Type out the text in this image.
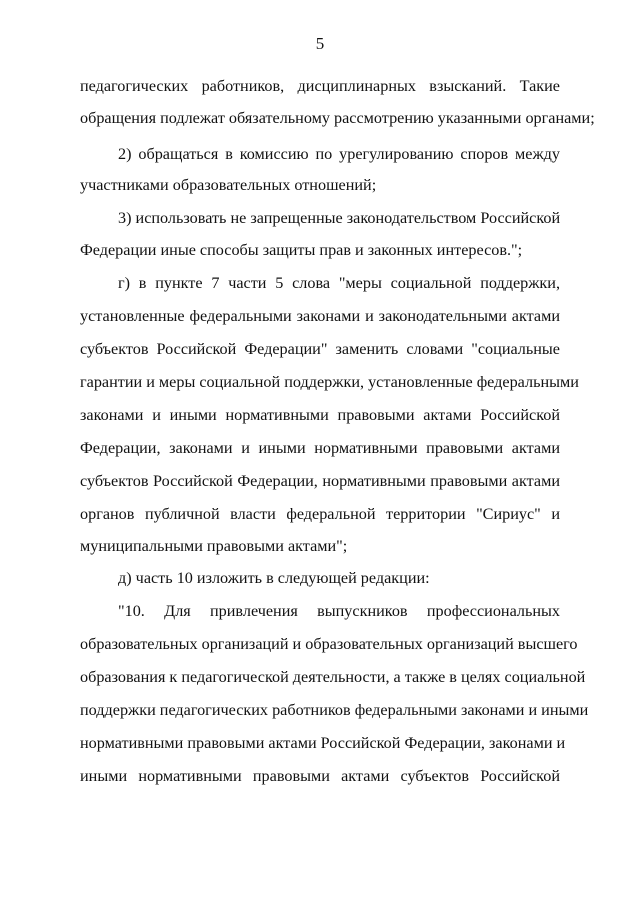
5
педагогических работников, дисциплинарных взысканий. Такие
обращения подлежат обязательному рассмотрению указанными органами;
2) обращаться в комиссию по урегулированию споров между
участниками образовательных отношений;
3) использовать не запрещенные законодательством Российской
Федерации иные способы защиты прав и законных интересов.";
г) в пункте 7 части 5 слова "меры социальной поддержки,
установленные федеральными законами и законодательными актами
субъектов Российской Федерации" заменить словами "социальные
гарантии и меры социальной поддержки, установленные федеральными
законами и иными нормативными правовыми актами Российской
Федерации, законами и иными нормативными правовыми актами
субъектов Российской Федерации, нормативными правовыми актами
органов публичной власти федеральной территории "Сириус" и
муниципальными правовыми актами";
д) часть 10 изложить в следующей редакции:
"10. Для привлечения выпускников профессиональных
образовательных организаций и образовательных организаций высшего
образования к педагогической деятельности, а также в целях социальной
поддержки педагогических работников федеральными законами и иными
нормативными правовыми актами Российской Федерации, законами и
иными нормативными правовыми актами субъектов Российской
